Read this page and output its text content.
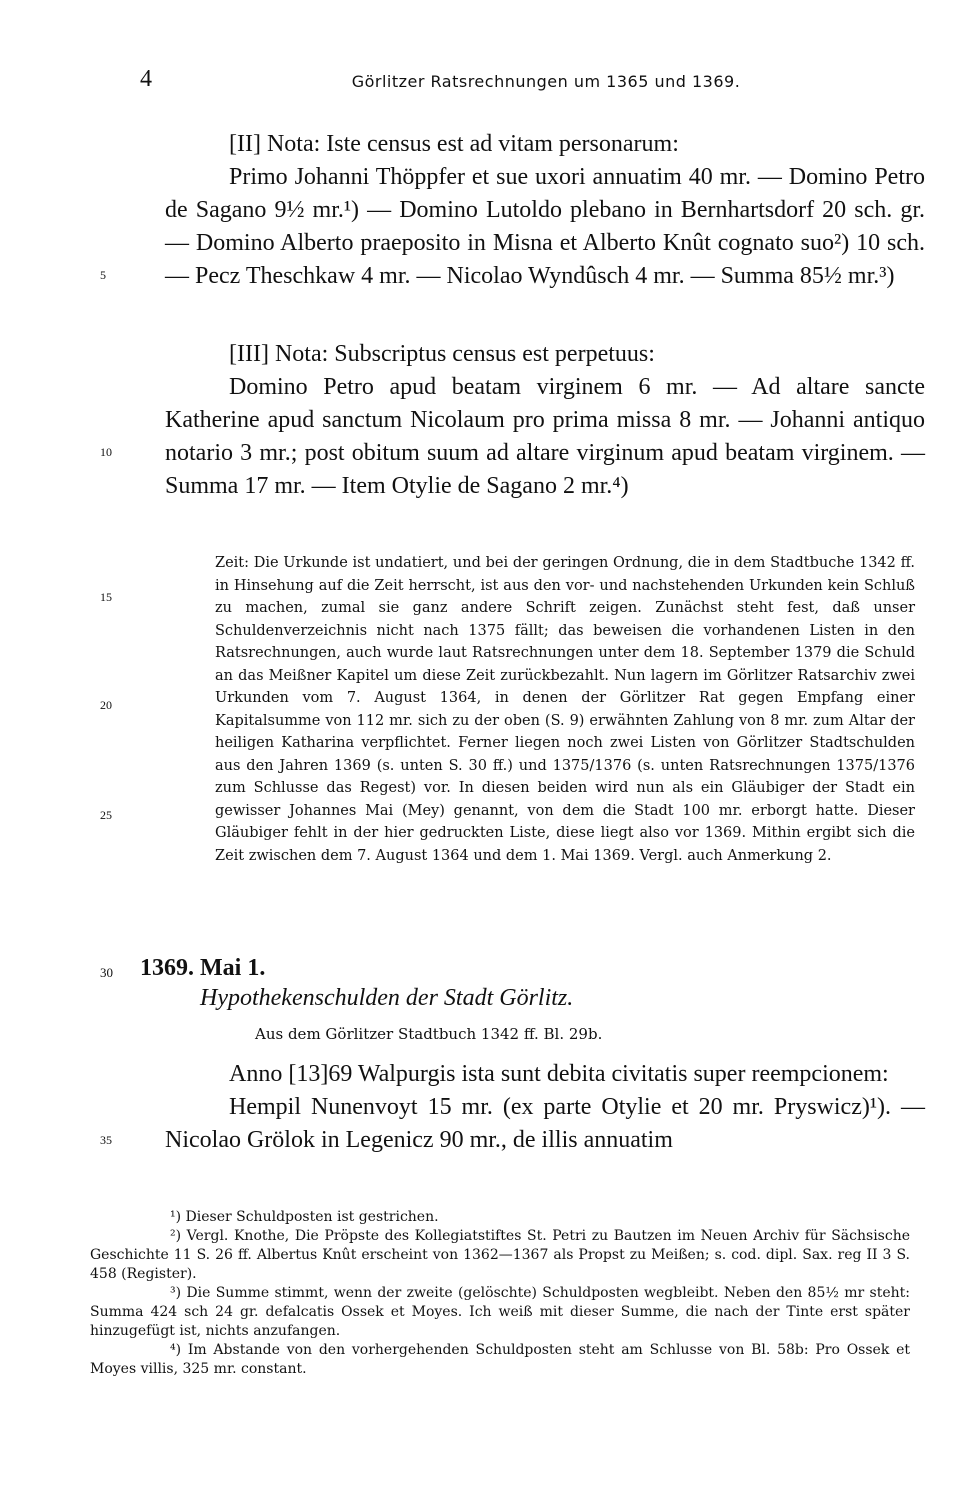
4	Görlitzer Ratsrechnungen um 1365 und 1369.
5
10
15
20
25
35

[II] Nota: Iste census est ad vitam personarum:

Primo Johanni Thöppfer et sue uxori annuatim 40 mr. — Domino Petro de Sagano 9½ mr.¹) — Domino Lutoldo plebano in Bernhartsdorf 20 sch. gr. — Domino Alberto praeposito in Misna et Alberto Knût cognato suo²) 10 sch. — Pecz Theschkaw 4 mr. — Nicolao Wyndûsch 4 mr. — Summa 85½ mr.³)

[III] Nota: Subscriptus census est perpetuus:

Domino Petro apud beatam virginem 6 mr. — Ad altare sancte Katherine apud sanctum Nicolaum pro prima missa 8 mr. — Johanni antiquo notario 3 mr.; post obitum suum ad altare virginum apud beatam virginem. — Summa 17 mr. — Item Otylie de Sagano 2 mr.⁴)

Zeit: Die Urkunde ist undatiert, und bei der geringen Ordnung, die in dem Stadtbuche 1342 ff. in Hinsehung auf die Zeit herrscht, ist aus den vor- und nachstehenden Urkunden kein Schluß zu machen, zumal sie ganz andere Schrift zeigen. Zunächst steht fest, daß unser Schuldenverzeichnis nicht nach 1375 fällt; das beweisen die vorhandenen Listen in den Ratsrechnungen, auch wurde laut Ratsrechnungen unter dem 18. September 1379 die Schuld an das Meißner Kapitel um diese Zeit zurückbezahlt. Nun lagern im Görlitzer Ratsarchiv zwei Urkunden vom 7. August 1364, in denen der Görlitzer Rat gegen Empfang einer Kapitalsumme von 112 mr. sich zu der oben (S. 9) erwähnten Zahlung von 8 mr. zum Altar der heiligen Katharina verpflichtet. Ferner liegen noch zwei Listen von Görlitzer Stadtschulden aus den Jahren 1369 (s. unten S. 30 ff.) und 1375/1376 (s. unten Ratsrechnungen 1375/1376 zum Schlusse das Regest) vor. In diesen beiden wird nun als ein Gläubiger der Stadt ein gewisser Johannes Mai (Mey) genannt, von dem die Stadt 100 mr. erborgt hatte. Dieser Gläubiger fehlt in der hier gedruckten Liste, diese liegt also vor 1369. Mithin ergibt sich die Zeit zwischen dem 7. August 1364 und dem 1. Mai 1369. Vergl. auch Anmerkung 2.

30 1369. Mai 1.
Hypothekenschulden der Stadt Görlitz.
Aus dem Görlitzer Stadtbuch 1342 ff. Bl. 29b.

Anno [13]69 Walpurgis ista sunt debita civitatis super reempcionem:

Hempil Nunenvoyt 15 mr. (ex parte Otylie et 20 mr. Pryswicz)¹). — Nicolao Grölok in Legenicz 90 mr., de illis annuatim

¹) Dieser Schuldposten ist gestrichen.

²) Vergl. Knothe, Die Pröpste des Kollegiatstiftes St. Petri zu Bautzen im Neuen Archiv für Sächsische Geschichte 11 S. 26 ff. Albertus Knût erscheint von 1362—1367 als Propst zu Meißen; s. cod. dipl. Sax. reg II 3 S. 458 (Register).

³) Die Summe stimmt, wenn der zweite (gelöschte) Schuldposten wegbleibt. Neben den 85½ mr steht: Summa 424 sch 24 gr. defalcatis Ossek et Moyes. Ich weiß mit dieser Summe, die nach der Tinte erst später hinzugefügt ist, nichts anzufangen.

⁴) Im Abstande von den vorhergehenden Schuldposten steht am Schlusse von Bl. 58b: Pro Ossek et Moyes villis, 325 mr. constant.
